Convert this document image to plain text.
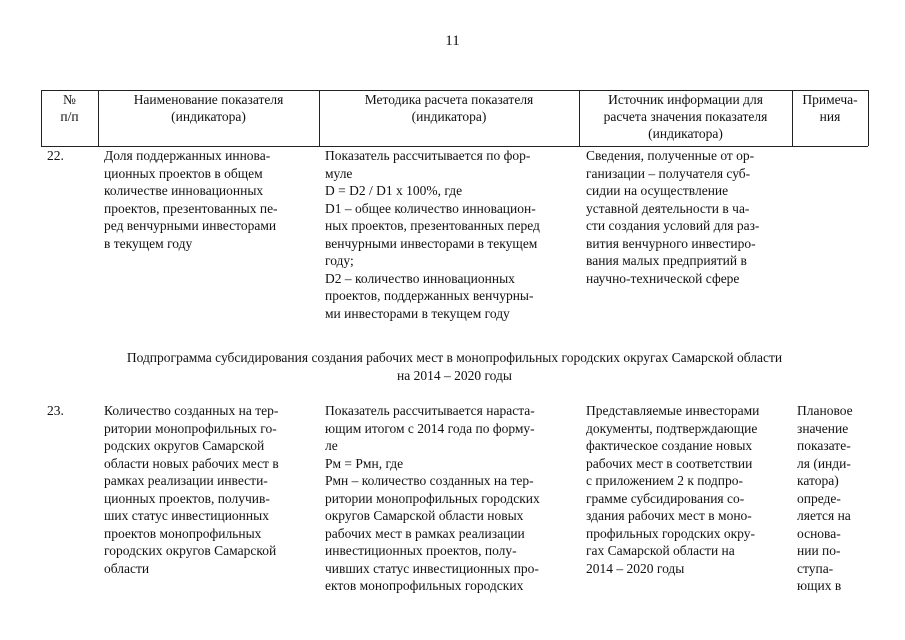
11
№
п/п
Наименование показателя
(индикатора)
Методика расчета показателя
(индикатора)
Источник информации для
расчета значения показателя
(индикатора)
Примеча-
ния
22.	Доля поддержанных иннова-
ционных проектов в общем
количестве инновационных
проектов, презентованных пе-
ред венчурными инвесторами
в текущем году
Показатель рассчитывается по фор-
муле
D = D2 / D1 x 100%, где
D1 – общее количество инновацион-
ных проектов, презентованных перед
венчурными инвесторами в текущем
году;
D2 – количество инновационных
проектов, поддержанных венчурны-
ми инвесторами в текущем году
Сведения, полученные от ор-
ганизации – получателя суб-
сидии на осуществление
уставной деятельности в ча-
сти создания условий для раз-
вития венчурного инвестиро-
вания малых предприятий в
научно-технической сфере
Подпрограмма субсидирования создания рабочих мест в монопрофильных городских округах Самарской области
на 2014 – 2020 годы
23.	Количество созданных на тер-
ритории монопрофильных го-
родских округов Самарской
области новых рабочих мест в
рамках реализации инвести-
ционных проектов, получив-
ших статус инвестиционных
проектов монопрофильных
городских округов Самарской
области
Показатель рассчитывается нараста-
ющим итогом с 2014 года по форму-
ле
Рм = Рмн, где
Рмн – количество созданных на тер-
ритории монопрофильных городских
округов Самарской области новых
рабочих мест в рамках реализации
инвестиционных проектов, полу-
чивших статус инвестиционных про-
ектов монопрофильных городских
Представляемые инвесторами
документы, подтверждающие
фактическое создание новых
рабочих мест в соответствии
с приложением 2 к подпро-
грамме субсидирования со-
здания рабочих мест в моно-
профильных городских окру-
гах Самарской области на
2014 – 2020 годы
Плановое
значение
показате-
ля (инди-
катора)
опреде-
ляется на
основа-
нии по-
ступа-
ющих в
